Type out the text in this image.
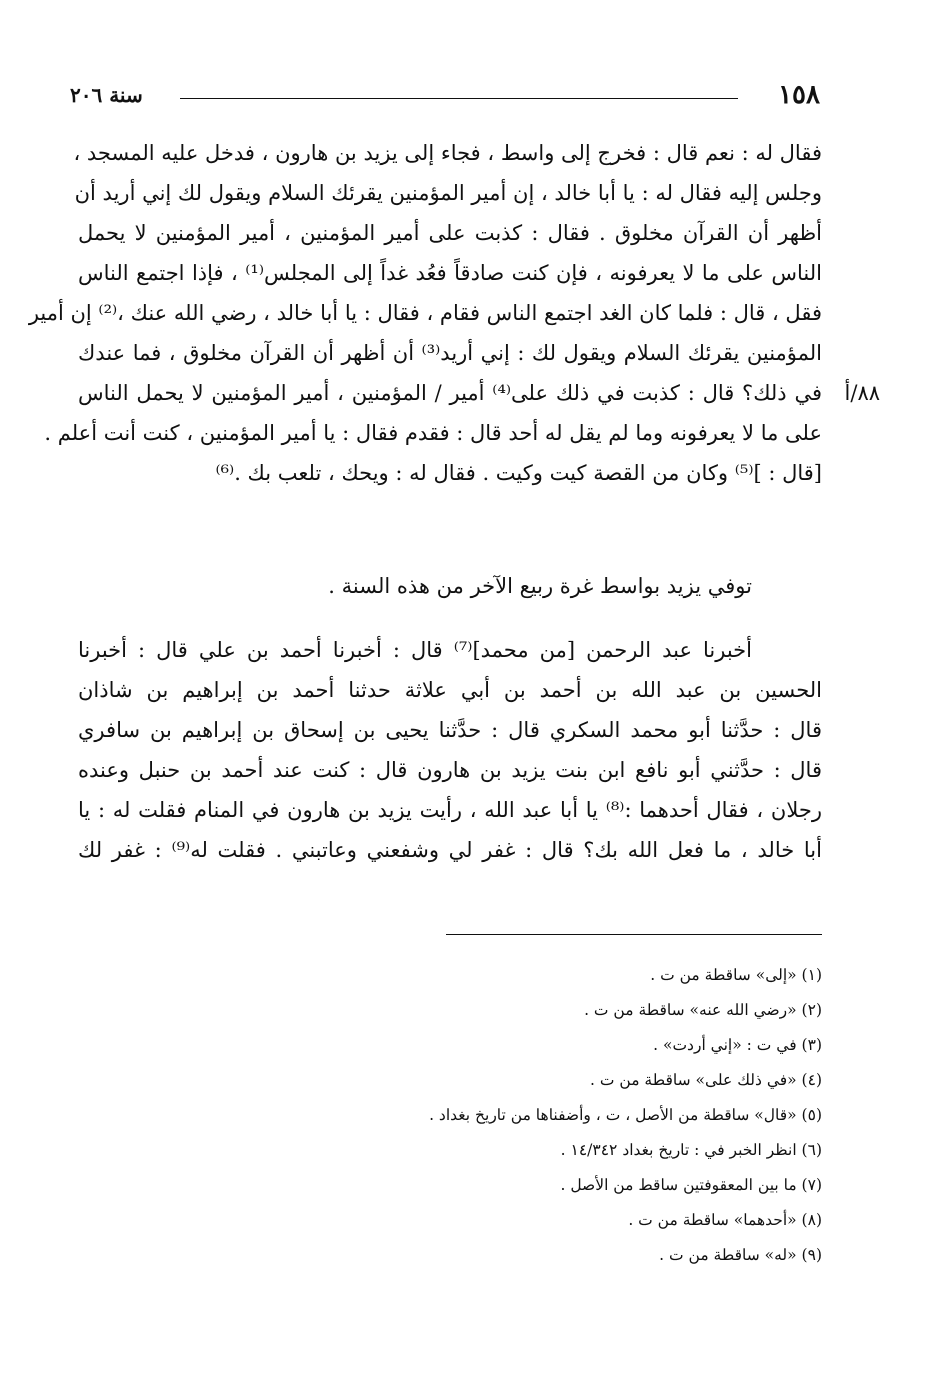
١٥٨
سنة ٢٠٦
فقال له : نعم قال : فخرج إلى واسط ، فجاء إلى يزيد بن هارون ، فدخل عليه المسجد ،
وجلس إليه فقال له : يا أبا خالد ، إن أمير المؤمنين يقرئك السلام ويقول لك إني أريد أن
أظهر أن القرآن مخلوق . فقال : كذبت على أمير المؤمنين ، أمير المؤمنين لا يحمل
الناس على ما لا يعرفونه ، فإن كنت صادقاً فعُد غداً إلى المجلس⁽¹⁾ ، فإذا اجتمع الناس
فقل ، قال : فلما كان الغد اجتمع الناس فقام ، فقال : يا أبا خالد ، رضي الله عنك ،⁽²⁾ إن أمير
المؤمنين يقرئك السلام ويقول لك : إني أريد⁽³⁾ أن أظهر أن القرآن مخلوق ، فما عندك
في ذلك؟ قال : كذبت في ذلك على⁽⁴⁾ أمير / المؤمنين ، أمير المؤمنين لا يحمل الناس
على ما لا يعرفونه وما لم يقل له أحد قال : فقدم فقال : يا أمير المؤمنين ، كنت أنت أعلم .
[قال : ]⁽⁵⁾ وكان من القصة كيت وكيت . فقال له : ويحك ، تلعب بك .⁽⁶⁾
٨٨/أ
توفي يزيد بواسط غرة ربيع الآخر من هذه السنة .
أخبرنا عبد الرحمن [من محمد]⁽⁷⁾ قال : أخبرنا أحمد بن علي قال : أخبرنا
الحسين بن عبد الله بن أحمد بن أبي علاثة حدثنا أحمد بن إبراهيم بن شاذان
قال : حدَّثنا أبو محمد السكري قال : حدَّثنا يحيى بن إسحاق بن إبراهيم بن سافري
قال : حدَّثني أبو نافع ابن بنت يزيد بن هارون قال : كنت عند أحمد بن حنبل وعنده
رجلان ، فقال أحدهما :⁽⁸⁾ يا أبا عبد الله ، رأيت يزيد بن هارون في المنام فقلت له : يا
أبا خالد ، ما فعل الله بك؟ قال : غفر لي وشفعني وعاتبني . فقلت له⁽⁹⁾ : غفر لك
(١) «إلى» ساقطة من ت .
(٢) «رضي الله عنه» ساقطة من ت .
(٣) في ت : «إني أردت» .
(٤) «في ذلك على» ساقطة من ت .
(٥) «قال» ساقطة من الأصل ، ت ، وأضفناها من تاريخ بغداد .
(٦) انظر الخبر في : تاريخ بغداد ١٤/٣٤٢ .
(٧) ما بين المعقوفتين ساقط من الأصل .
(٨) «أحدهما» ساقطة من ت .
(٩) «له» ساقطة من ت .
